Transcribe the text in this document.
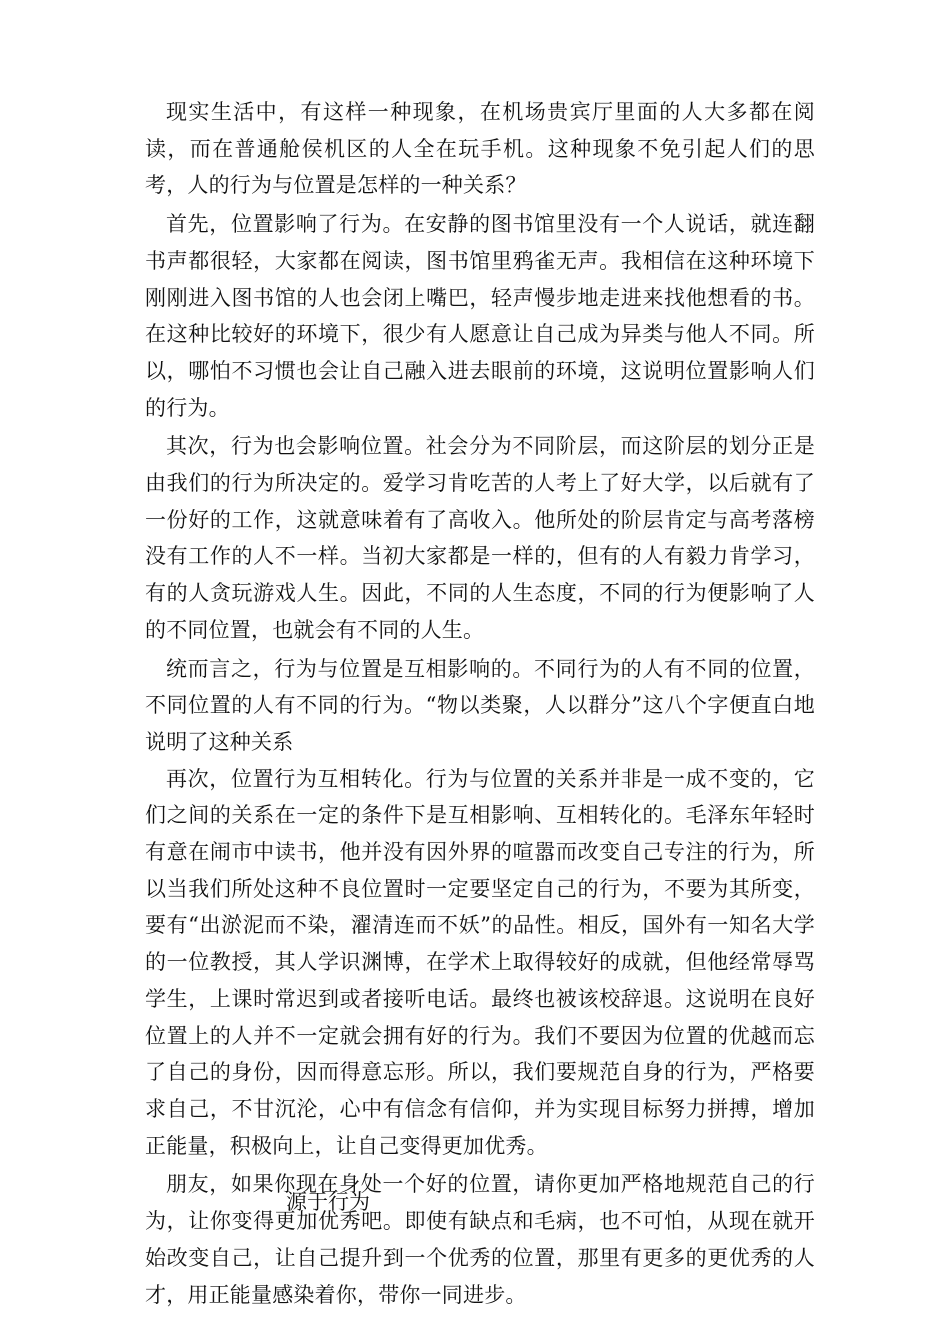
现实生活中，有这样一种现象，在机场贵宾厅里面的人大多都在阅读，而在普通舱侯机区的人全在玩手机。这种现象不免引起人们的思考，人的行为与位置是怎样的一种关系？

首先，位置影响了行为。在安静的图书馆里没有一个人说话，就连翻书声都很轻，大家都在阅读，图书馆里鸦雀无声。我相信在这种环境下刚刚进入图书馆的人也会闭上嘴巴，轻声慢步地走进来找他想看的书。在这种比较好的环境下，很少有人愿意让自己成为异类与他人不同。所以，哪怕不习惯也会让自己融入进去眼前的环境，这说明位置影响人们的行为。

其次，行为也会影响位置。社会分为不同阶层，而这阶层的划分正是由我们的行为所决定的。爱学习肯吃苦的人考上了好大学，以后就有了一份好的工作，这就意味着有了高收入。他所处的阶层肯定与高考落榜没有工作的人不一样。当初大家都是一样的，但有的人有毅力肯学习，有的人贪玩游戏人生。因此，不同的人生态度，不同的行为便影响了人的不同位置，也就会有不同的人生。

统而言之，行为与位置是互相影响的。不同行为的人有不同的位置，不同位置的人有不同的行为。“物以类聚，人以群分”这八个字便直白地说明了这种关系

再次，位置行为互相转化。行为与位置的关系并非是一成不变的，它们之间的关系在一定的条件下是互相影响、互相转化的。毛泽东年轻时有意在闹市中读书，他并没有因外界的喧嚣而改变自己专注的行为，所以当我们所处这种不良位置时一定要坚定自己的行为，不要为其所变，要有“出淤泥而不染，濯清连而不妖”的品性。相反，国外有一知名大学的一位教授，其人学识渊博，在学术上取得较好的成就，但他经常辱骂学生，上课时常迟到或者接听电话。最终也被该校辞退。这说明在良好位置上的人并不一定就会拥有好的行为。我们不要因为位置的优越而忘了自己的身份，因而得意忘形。所以，我们要规范自身的行为，严格要求自己，不甘沉沦，心中有信念有信仰，并为实现目标努力拼搏，增加正能量，积极向上，让自己变得更加优秀。

朋友，如果你现在身处一个好的位置，请你更加严格地规范自己的行为，让你变得更加优秀吧。即使有缺点和毛病，也不可怕，从现在就开始改变自己，让自己提升到一个优秀的位置，那里有更多的更优秀的人才，用正能量感染着你，带你一同进步。

源于行为
